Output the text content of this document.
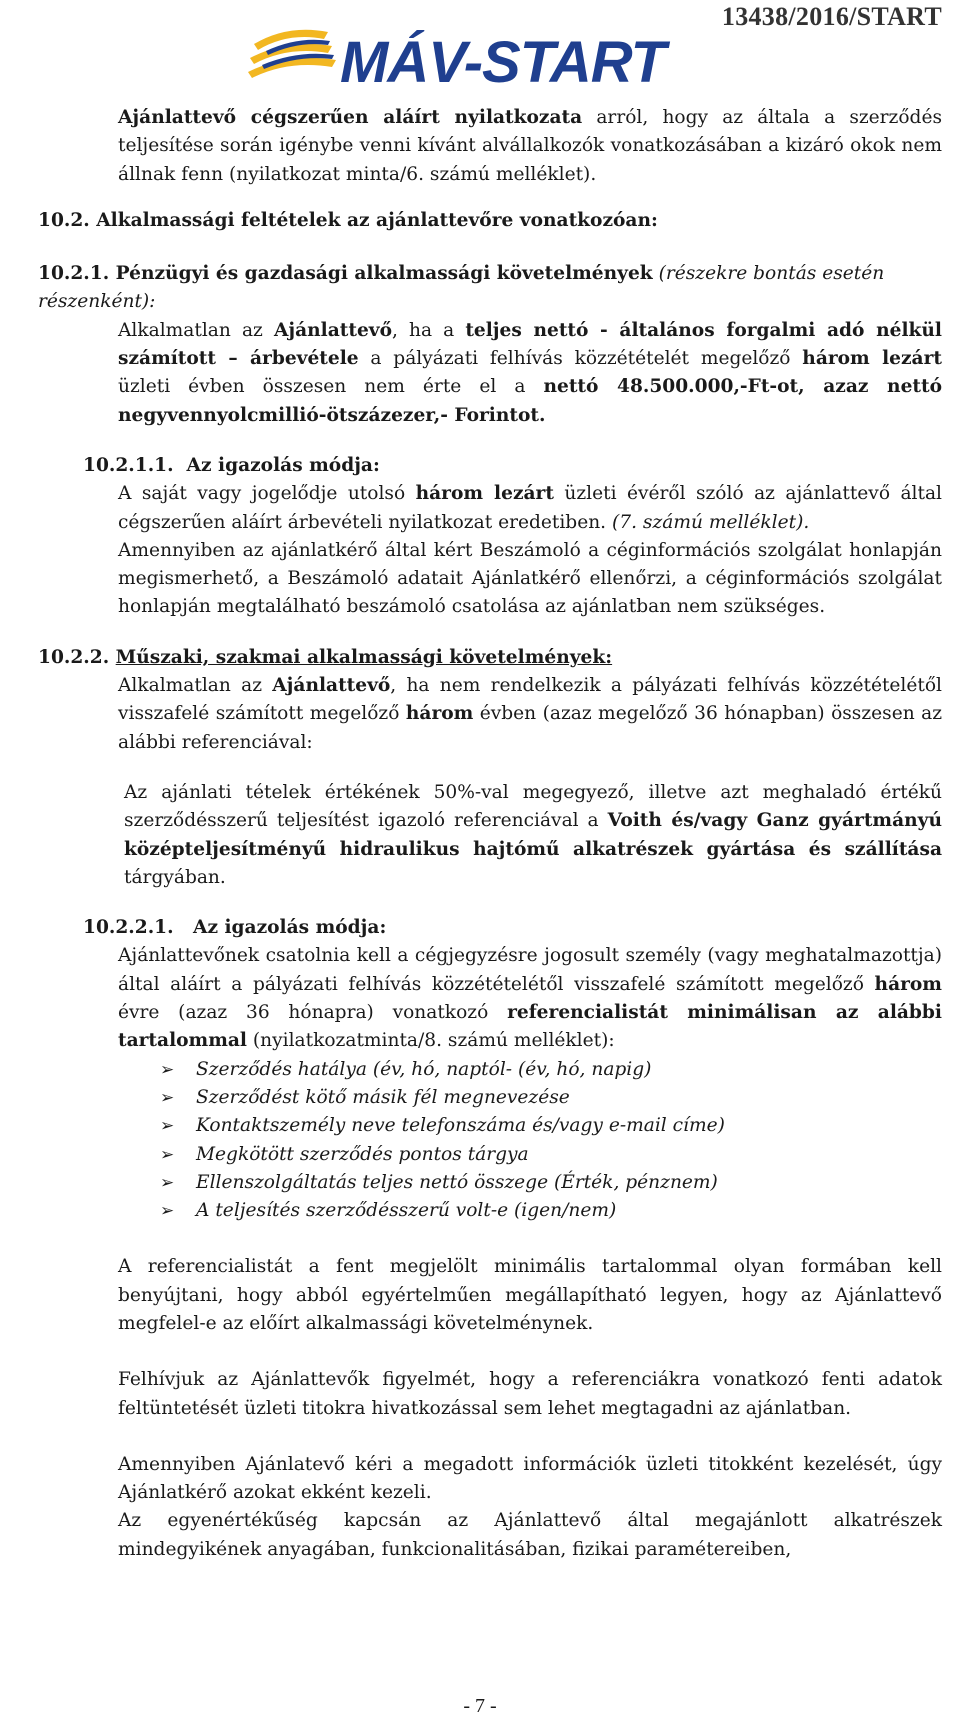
13438/2016/START
MÁV-START

Ajánlattevő cégszerűen aláírt nyilatkozata arról, hogy az általa a szerződés teljesítése során igénybe venni kívánt alvállalkozók vonatkozásában a kizáró okok nem állnak fenn (nyilatkozat minta/6. számú melléklet).

10.2. Alkalmassági feltételek az ajánlattevőre vonatkozóan:
10.2.1. Pénzügyi és gazdasági alkalmassági követelmények (részekre bontás esetén részenként):

Alkalmatlan az Ajánlattevő, ha a teljes nettó - általános forgalmi adó nélkül számított – árbevétele a pályázati felhívás közzétételét megelőző három lezárt üzleti évben összesen nem érte el a nettó 48.500.000,-Ft-ot, azaz nettó negyvennyolcmillió-ötszázezer,- Forintot.

10.2.1.1. Az igazolás módja:

A saját vagy jogelődje utolsó három lezárt üzleti évéről szóló az ajánlattevő által cégszerűen aláírt árbevételi nyilatkozat eredetiben. (7. számú melléklet).

Amennyiben az ajánlatkérő által kért Beszámoló a céginformációs szolgálat honlapján megismerhető, a Beszámoló adatait Ajánlatkérő ellenőrzi, a céginformációs szolgálat honlapján megtalálható beszámoló csatolása az ajánlatban nem szükséges.

10.2.2. Műszaki, szakmai alkalmassági követelmények:

Alkalmatlan az Ajánlattevő, ha nem rendelkezik a pályázati felhívás közzétételétől visszafelé számított megelőző három évben (azaz megelőző 36 hónapban) összesen az alábbi referenciával:

Az ajánlati tételek értékének 50%-val megegyező, illetve azt meghaladó értékű szerződésszerű teljesítést igazoló referenciával a Voith és/vagy Ganz gyártmányú középteljesítményű hidraulikus hajtómű alkatrészek gyártása és szállítása tárgyában.

10.2.2.1. Az igazolás módja:

Ajánlattevőnek csatolnia kell a cégjegyzésre jogosult személy (vagy meghatalmazottja) által aláírt a pályázati felhívás közzétételétől visszafelé számított megelőző három évre (azaz 36 hónapra) vonatkozó referencialistát minimálisan az alábbi tartalommal (nyilatkozatminta/8. számú melléklet):

➢ Szerződés hatálya (év, hó, naptól- (év, hó, napig)
➢ Szerződést kötő másik fél megnevezése
➢ Kontaktszemély neve telefonszáma és/vagy e-mail címe)
➢ Megkötött szerződés pontos tárgya
➢ Ellenszolgáltatás teljes nettó összege (Érték, pénznem)
➢ A teljesítés szerződésszerű volt-e (igen/nem)

A referencialistát a fent megjelölt minimális tartalommal olyan formában kell benyújtani, hogy abból egyértelműen megállapítható legyen, hogy az Ajánlattevő megfelel-e az előírt alkalmassági követelménynek.

Felhívjuk az Ajánlattevők figyelmét, hogy a referenciákra vonatkozó fenti adatok feltüntetését üzleti titokra hivatkozással sem lehet megtagadni az ajánlatban.

Amennyiben Ajánlatevő kéri a megadott információk üzleti titokként kezelését, úgy Ajánlatkérő azokat ekként kezeli.

Az egyenértékűség kapcsán az Ajánlattevő által megajánlott alkatrészek mindegyikének anyagában, funkcionalitásában, fizikai paramétereiben,

- 7 -
